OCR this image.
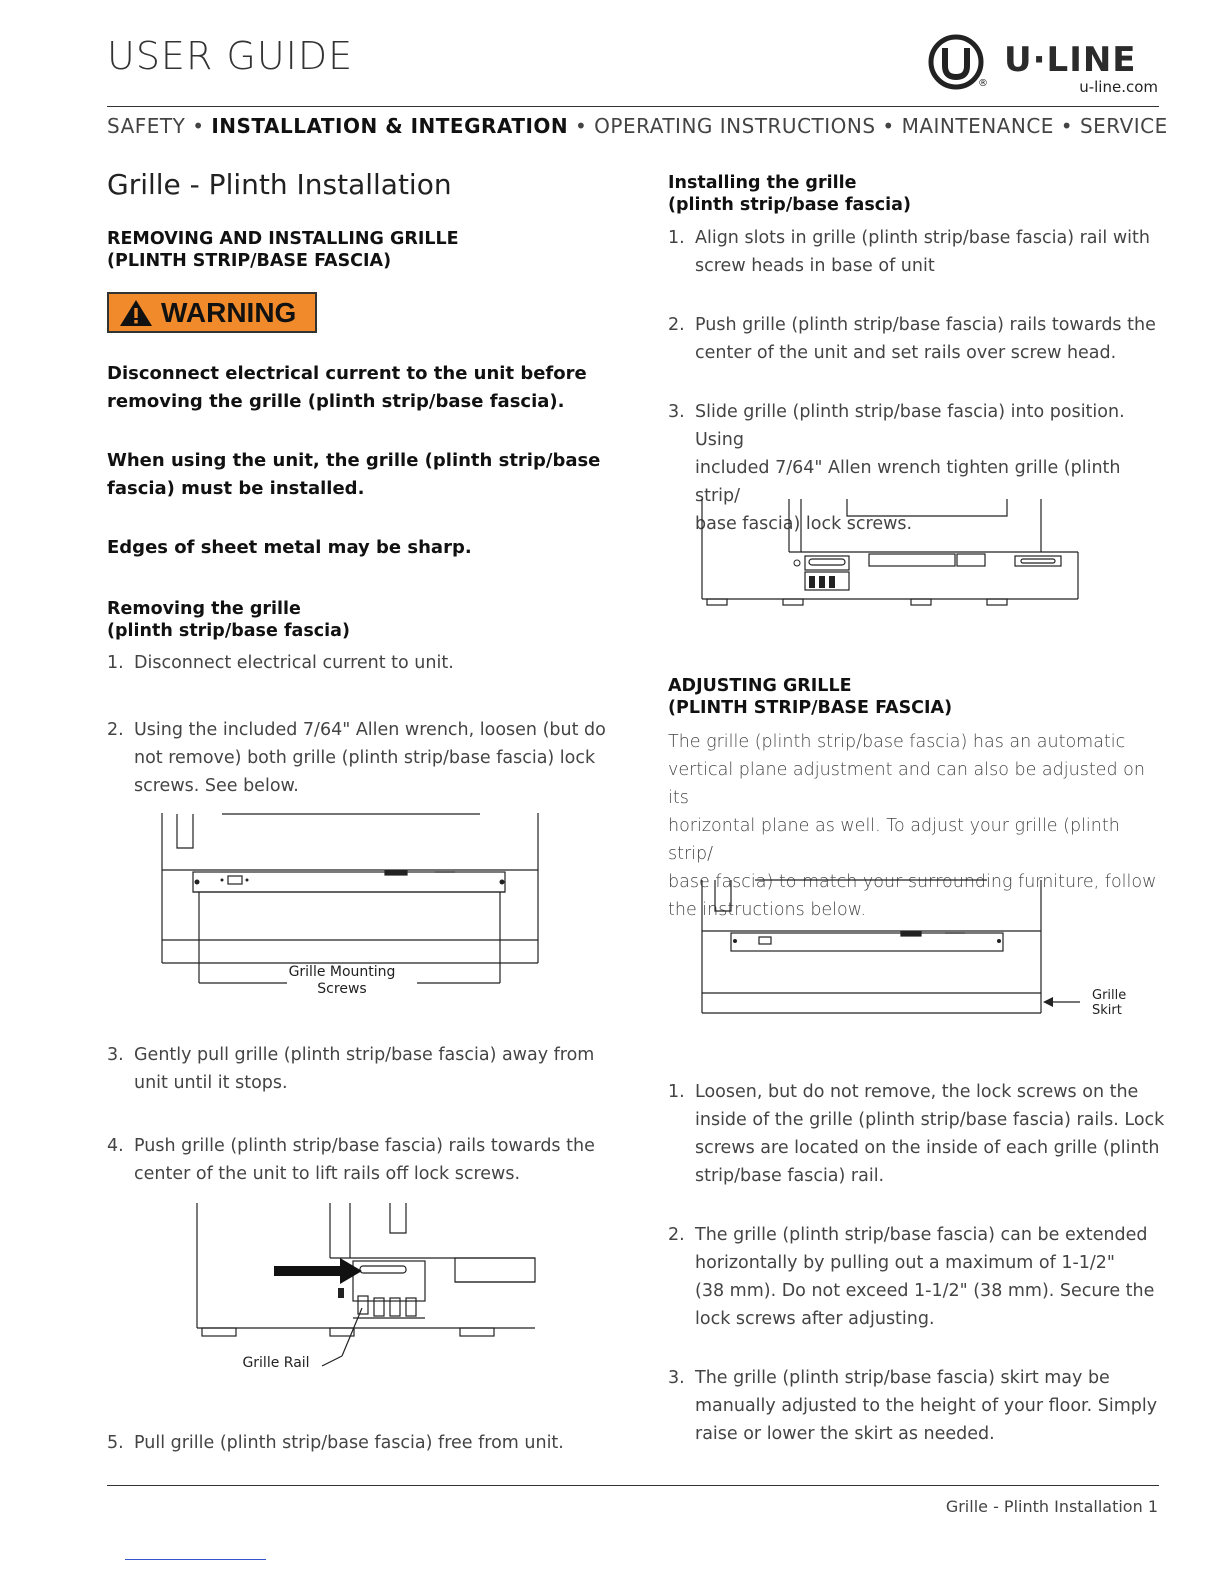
USER GUIDE
®
U·LINE
u-line.com
SAFETY • INSTALLATION & INTEGRATION • OPERATING INSTRUCTIONS • MAINTENANCE • SERVICE
Grille - Plinth Installation
REMOVING AND INSTALLING GRILLE
(PLINTH STRIP/BASE FASCIA)
WARNING
Disconnect electrical current to the unit before
removing the grille (plinth strip/base fascia).
When using the unit, the grille (plinth strip/base
fascia) must be installed.
Edges of sheet metal may be sharp.
Removing the grille
(plinth strip/base fascia)
1. Disconnect electrical current to unit.
2. Using the included 7/64" Allen wrench, loosen (but do
not remove) both grille (plinth strip/base fascia) lock
screws. See below.
Grille Mounting
Screws
3. Gently pull grille (plinth strip/base fascia) away from
unit until it stops.
4. Push grille (plinth strip/base fascia) rails towards the
center of the unit to lift rails off lock screws.
Grille Rail
5. Pull grille (plinth strip/base fascia) free from unit.
Installing the grille
(plinth strip/base fascia)
1. Align slots in grille (plinth strip/base fascia) rail with
screw heads in base of unit
2. Push grille (plinth strip/base fascia) rails towards the
center of the unit and set rails over screw head.
3. Slide grille (plinth strip/base fascia) into position. Using
included 7/64" Allen wrench tighten grille (plinth strip/
base fascia) lock screws.
ADJUSTING GRILLE
(PLINTH STRIP/BASE FASCIA)
The grille (plinth strip/base fascia) has an automatic
vertical plane adjustment and can also be adjusted on its
horizontal plane as well. To adjust your grille (plinth strip/
base fascia) to match your surrounding furniture, follow
the instructions below.
Grille
Skirt
1. Loosen, but do not remove, the lock screws on the
inside of the grille (plinth strip/base fascia) rails. Lock
screws are located on the inside of each grille (plinth
strip/base fascia) rail.
2. The grille (plinth strip/base fascia) can be extended
horizontally by pulling out a maximum of 1-1/2"
(38 mm). Do not exceed 1-1/2" (38 mm). Secure the
lock screws after adjusting.
3. The grille (plinth strip/base fascia) skirt may be
manually adjusted to the height of your floor. Simply
raise or lower the skirt as needed.
Grille - Plinth Installation 1
